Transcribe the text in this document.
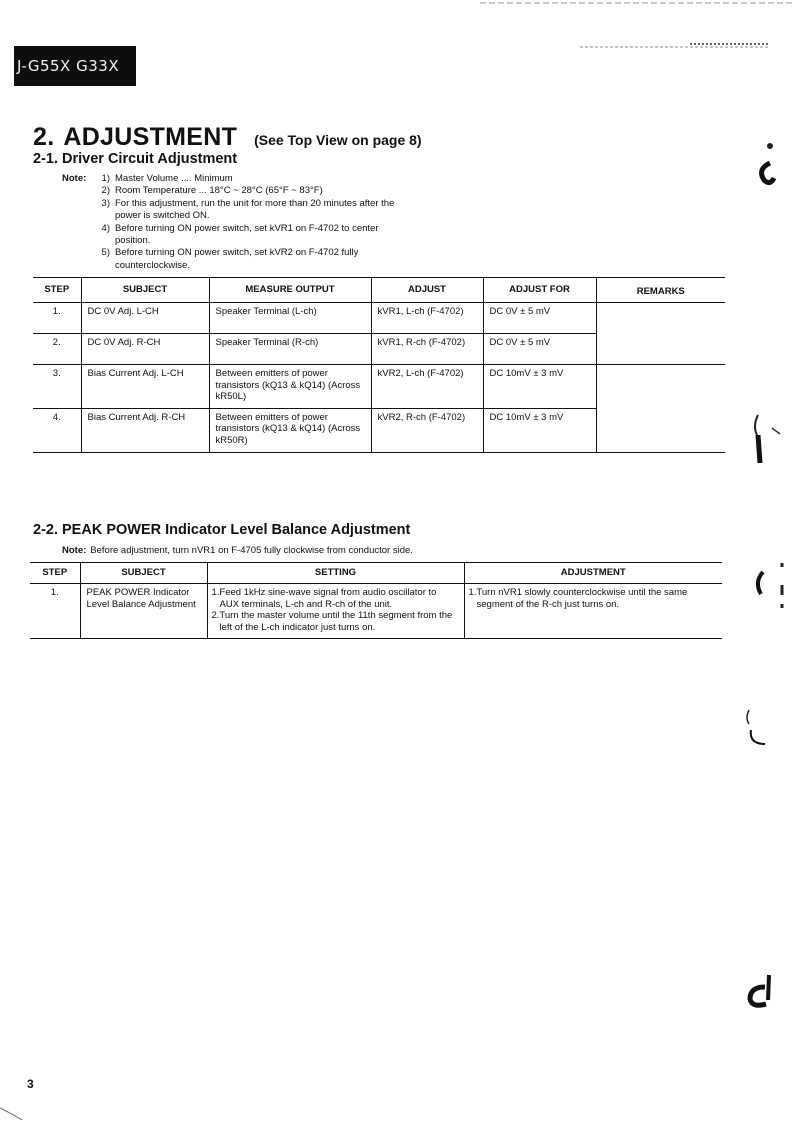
J-G55X G33X
2. ADJUSTMENT (See Top View on page 8)
2-1. Driver Circuit Adjustment
Note:	1) Master Volume .... Minimum
2) Room Temperature ... 18°C ~ 28°C (65°F ~ 83°F)
3) For this adjustment, run the unit for more than 20 minutes after the power is switched ON.
4) Before turning ON power switch, set kVR1 on F-4702 to center position.
5) Before turning ON power switch, set kVR2 on F-4702 fully counterclockwise.
STEP	SUBJECT	MEASURE OUTPUT	ADJUST	ADJUST FOR	REMARKS
1.	DC 0V Adj. L-CH	Speaker Terminal (L-ch)	kVR1, L-ch (F-4702)	DC 0V ± 5 mV	
2.	DC 0V Adj. R-CH	Speaker Terminal (R-ch)	kVR1, R-ch (F-4702)	DC 0V ± 5 mV	
3.	Bias Current Adj. L-CH	Between emitters of power transistors (kQ13 & kQ14) (Across kR50L)	kVR2, L-ch (F-4702)	DC 10mV ± 3 mV	
4.	Bias Current Adj. R-CH	Between emitters of power transistors (kQ13 & kQ14) (Across kR50R)	kVR2, R-ch (F-4702)	DC 10mV ± 3 mV	
2-2. PEAK POWER Indicator Level Balance Adjustment
Note: Before adjustment, turn nVR1 on F-4705 fully clockwise from conductor side.
STEP	SUBJECT	SETTING	ADJUSTMENT
1.	PEAK POWER Indicator Level Balance Adjustment	1.Feed 1kHz sine-wave signal from audio oscillator to AUX terminals, L-ch and R-ch of the unit.
2.Turn the master volume until the 11th segment from the left of the L-ch indicator just turns on.	1.Turn nVR1 slowly counterclockwise until the same segment of the R-ch just turns on.
3
